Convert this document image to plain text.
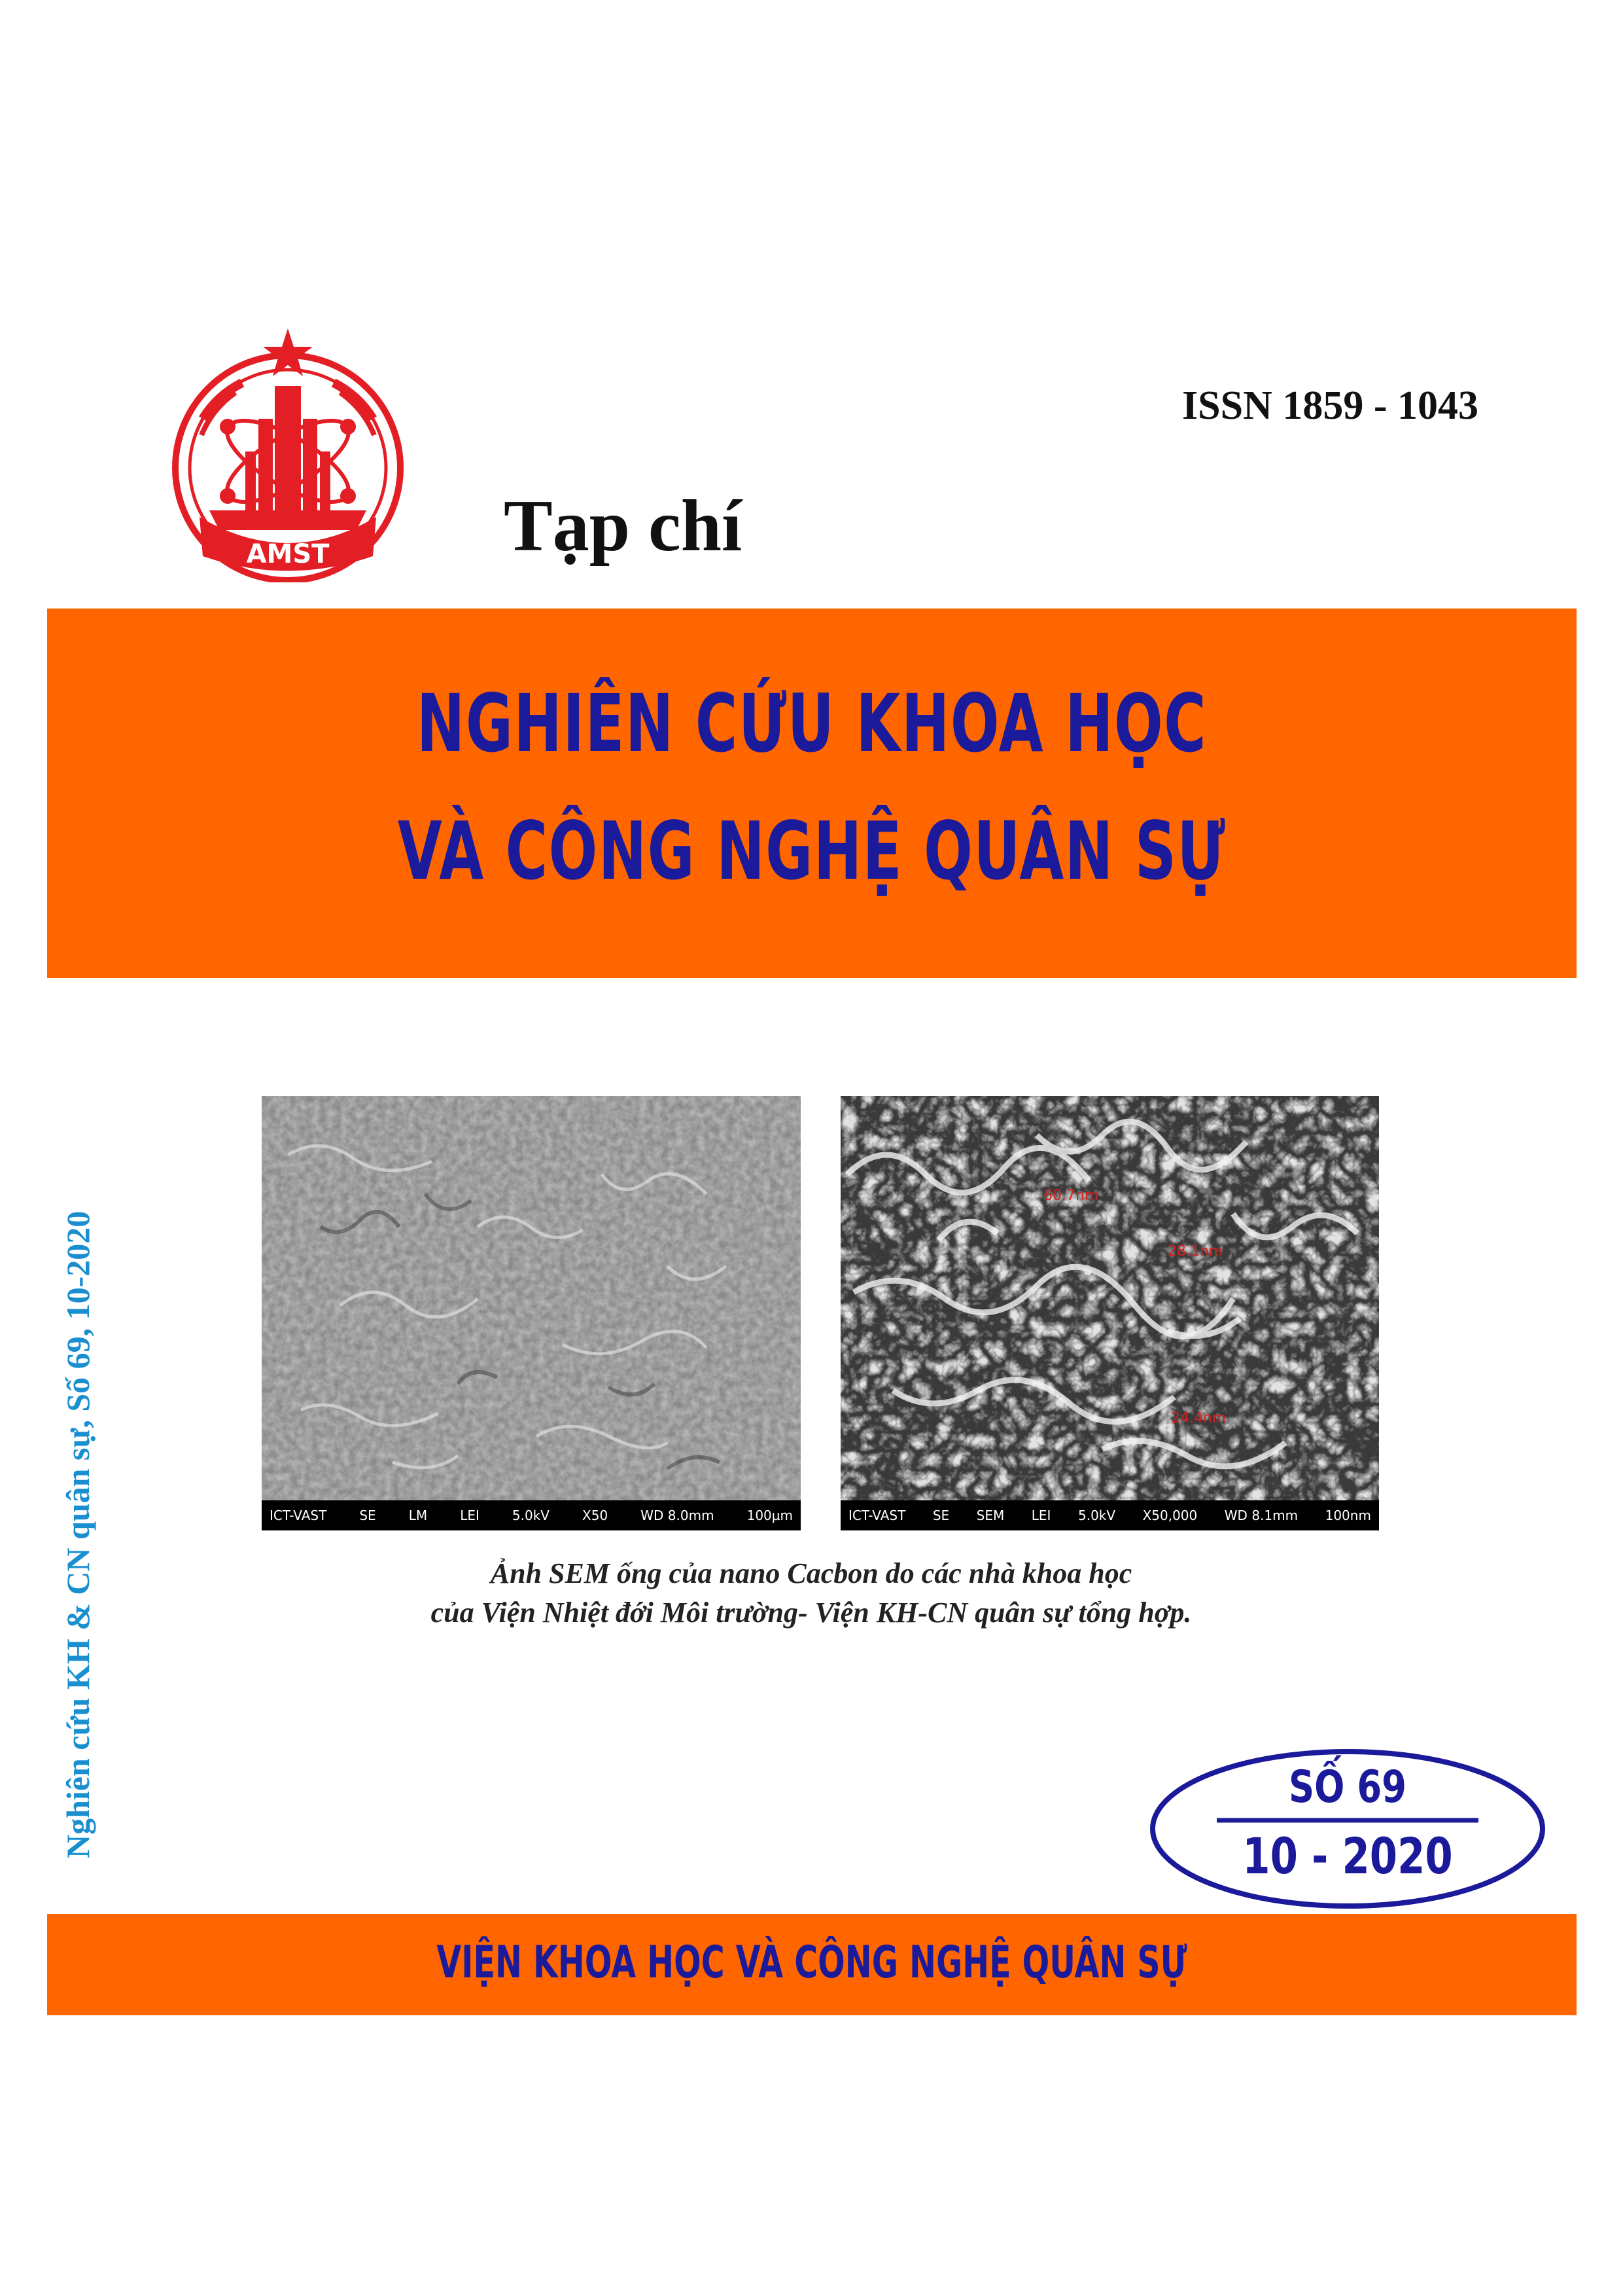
AMST
ISSN 1859 - 1043
Tạp chí
NGHIÊN CỨU KHOA HỌC
VÀ CÔNG NGHỆ QUÂN SỰ
Nghiên cứu KH & CN quân sự, Số 69, 10-2020	ICT-VAST	SE	LM	LEI	5.0kV	X50	WD 8.0mm	100µm
60.7nm
28.1nm
24.4nm
ICT-VAST SE SEM LEI 5.0kV X50,000 WD 8.1mm 100nm
Ảnh SEM ống của nano Cacbon do các nhà khoa học
của Viện Nhiệt đới Môi trường- Viện KH-CN quân sự tổng hợp.
SỐ 69
10 - 2020
VIỆN KHOA HỌC VÀ CÔNG NGHỆ QUÂN SỰ
